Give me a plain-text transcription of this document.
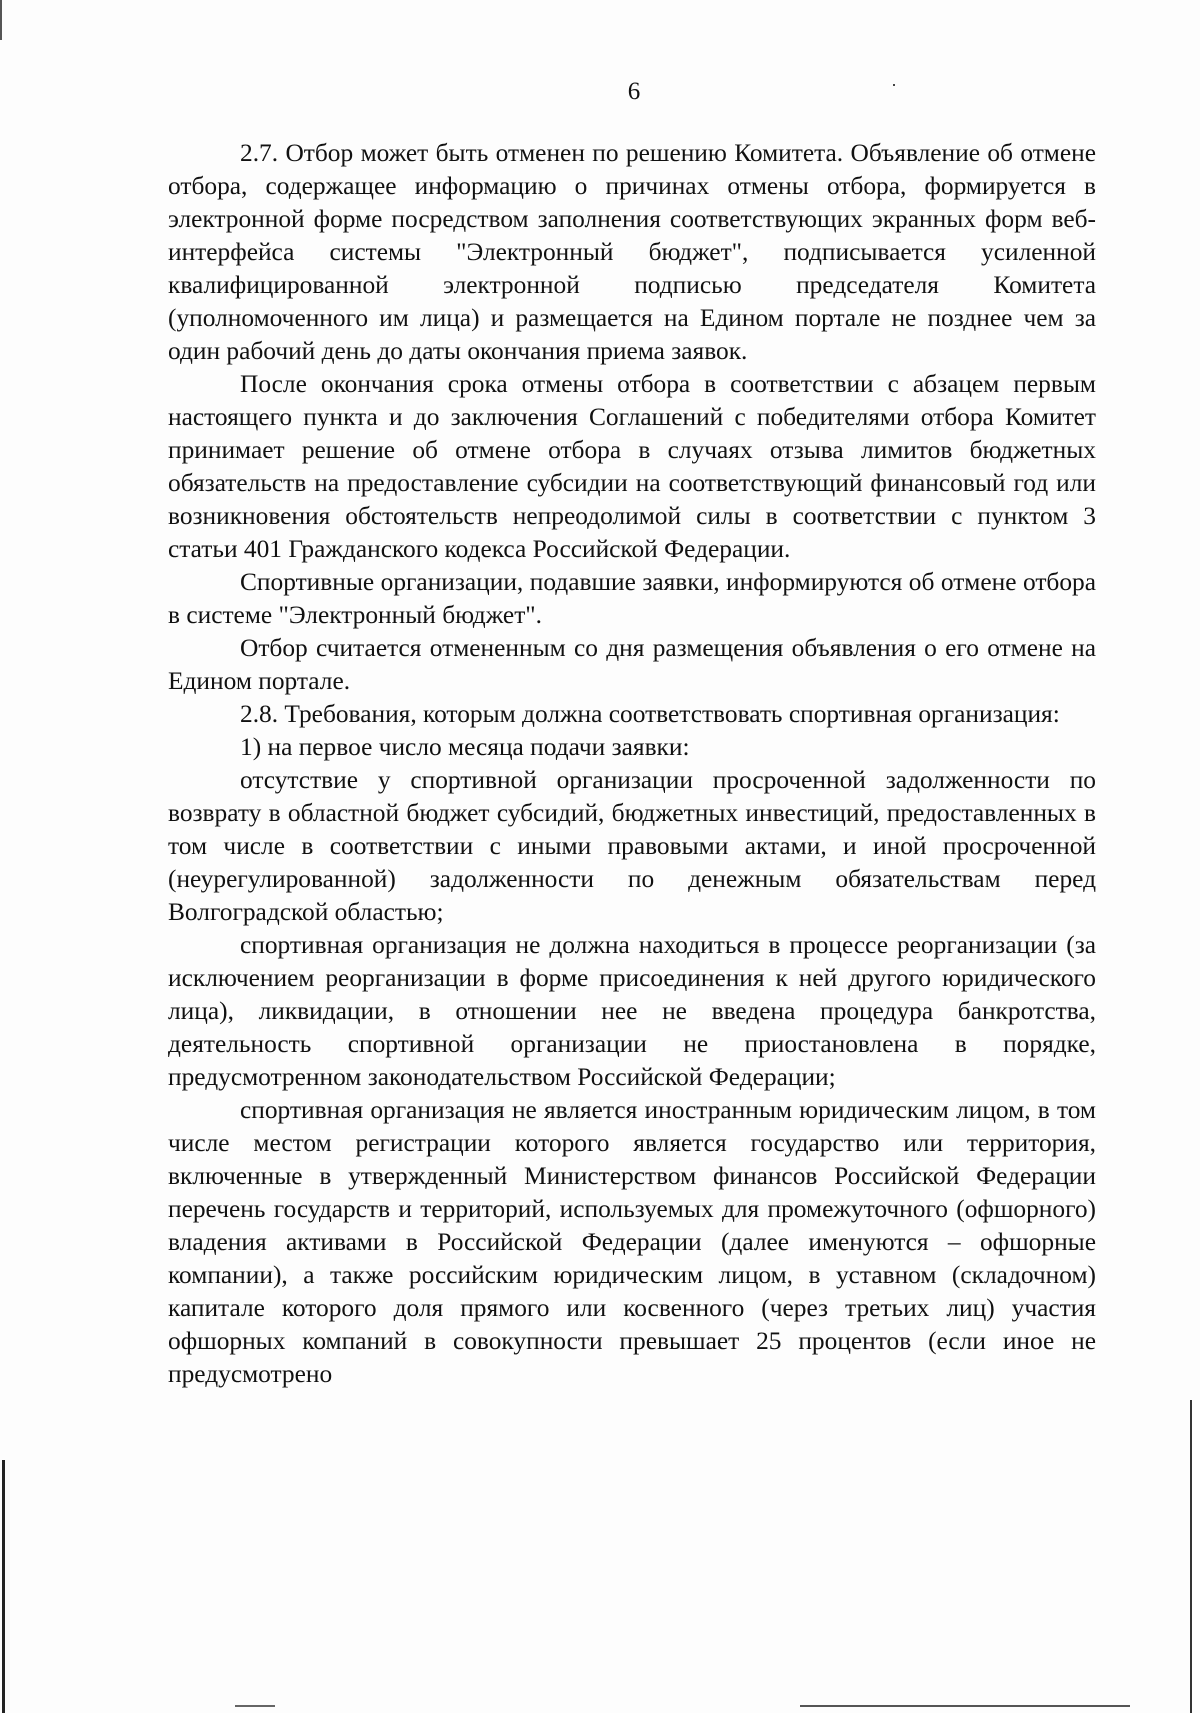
6

2.7. Отбор может быть отменен по решению Комитета. Объявление об отмене отбора, содержащее информацию о причинах отмены отбора, формируется в электронной форме посредством заполнения соответствующих экранных форм веб-интерфейса системы "Электронный бюджет", подписывается усиленной квалифицированной электронной подписью председателя Комитета (уполномоченного им лица) и размещается на Едином портале не позднее чем за один рабочий день до даты окончания приема заявок.

После окончания срока отмены отбора в соответствии с абзацем первым настоящего пункта и до заключения Соглашений с победителями отбора Комитет принимает решение об отмене отбора в случаях отзыва лимитов бюджетных обязательств на предоставление субсидии на соответствующий финансовый год или возникновения обстоятельств непреодолимой силы в соответствии с пунктом 3 статьи 401 Гражданского кодекса Российской Федерации.

Спортивные организации, подавшие заявки, информируются об отмене отбора в системе "Электронный бюджет".

Отбор считается отмененным со дня размещения объявления о его отмене на Едином портале.

2.8. Требования, которым должна соответствовать спортивная организация:

1) на первое число месяца подачи заявки:

отсутствие у спортивной организации просроченной задолженности по возврату в областной бюджет субсидий, бюджетных инвестиций, предоставленных в том числе в соответствии с иными правовыми актами, и иной просроченной (неурегулированной) задолженности по денежным обязательствам перед Волгоградской областью;

спортивная организация не должна находиться в процессе реорганизации (за исключением реорганизации в форме присоединения к ней другого юридического лица), ликвидации, в отношении нее не введена процедура банкротства, деятельность спортивной организации не приостановлена в порядке, предусмотренном законодательством Российской Федерации;

спортивная организация не является иностранным юридическим лицом, в том числе местом регистрации которого является государство или территория, включенные в утвержденный Министерством финансов Российской Федерации перечень государств и территорий, используемых для промежуточного (офшорного) владения активами в Российской Федерации (далее именуются – офшорные компании), а также российским юридическим лицом, в уставном (складочном) капитале которого доля прямого или косвенного (через третьих лиц) участия офшорных компаний в совокупности превышает 25 процентов (если иное не предусмотрено
